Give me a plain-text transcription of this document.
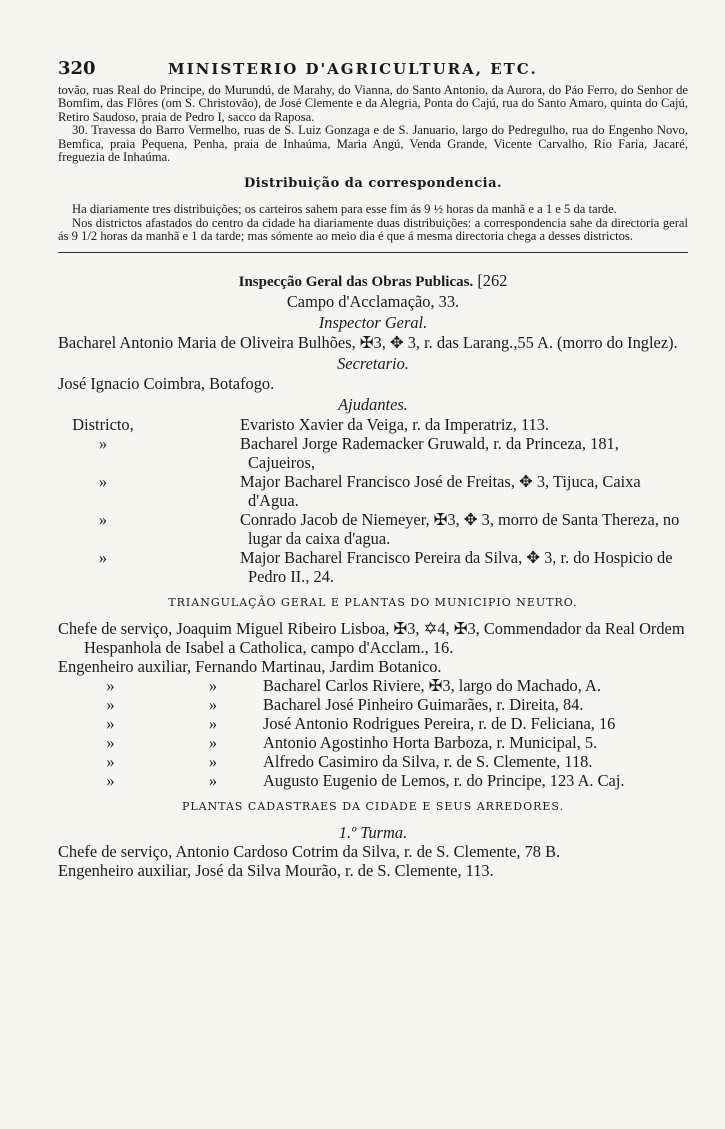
320	MINISTERIO D'AGRICULTURA, ETC.

tovão, ruas Real do Principe, do Murundú, de Marahy, do Vianna, do Santo Antonio, da Aurora, do Páo Ferro, do Senhor de Bomfim, das Flôres (om S. Christovão), de José Clemente e da Alegria, Ponta do Cajú, rua do Santo Amaro, quinta do Cajú, Retiro Saudoso, praia de Pedro I, sacco da Raposa.

30. Travessa do Barro Vermelho, ruas de S. Luiz Gonzaga e de S. Januario, largo do Pedregulho, rua do Engenho Novo, Bemfica, praia Pequena, Penha, praia de Inhaúma, Maria Angú, Venda Grande, Vicente Carvalho, Rio Faria, Jacaré, freguezia de Inhaúma.

Distribuição da correspondencia.

Ha diariamente tres distribuições; os carteiros sahem para esse fim ás 9 ½ horas da manhã e a 1 e 5 da tarde.

Nos districtos afastados do centro da cidade ha diariamente duas distribuições: a correspondencia sahe da directoria geral ás 9 1/2 horas da manhã e 1 da tarde; mas sómente ao meio dia é que á mesma directoria chega a desses districtos.

Inspecção Geral das Obras Publicas. [262
Campo d'Acclamação, 33.
Inspector Geral.
Bacharel Antonio Maria de Oliveira Bulhões, ✠3, ✥ 3, r. das Larang.,55 A. (morro do Inglez).
Secretario.
José Ignacio Coimbra, Botafogo.
Ajudantes.
Districto,	Evaristo Xavier da Veiga, r. da Imperatriz, 113.
»	Bacharel Jorge Rademacker Gruwald, r. da Princeza, 181, Cajueiros,
»	Major Bacharel Francisco José de Freitas, ✥ 3, Tijuca, Caixa d'Agua.
»	Conrado Jacob de Niemeyer, ✠3, ✥ 3, morro de Santa Thereza, no lugar da caixa d'agua.
»	Major Bacharel Francisco Pereira da Silva, ✥ 3, r. do Hospicio de Pedro II., 24.
TRIANGULAÇÃO GERAL E PLANTAS DO MUNICIPIO NEUTRO.
Chefe de serviço, Joaquim Miguel Ribeiro Lisboa, ✠3, ✡4, ✠3, Commendador da Real Ordem Hespanhola de Isabel a Catholica, campo d'Acclam., 16.
Engenheiro auxiliar, Fernando Martinau, Jardim Botanico.
»	»	Bacharel Carlos Riviere, ✠3, largo do Machado, A.
»	»	Bacharel José Pinheiro Guimarães, r. Direita, 84.
»	»	José Antonio Rodrigues Pereira, r. de D. Feliciana, 16
»	»	Antonio Agostinho Horta Barboza, r. Municipal, 5.
»	»	Alfredo Casimiro da Silva, r. de S. Clemente, 118.
»	»	Augusto Eugenio de Lemos, r. do Principe, 123 A. Caj.
PLANTAS CADASTRAES DA CIDADE E SEUS ARREDORES.
1.º Turma.
Chefe de serviço, Antonio Cardoso Cotrim da Silva, r. de S. Clemente, 78 B.
Engenheiro auxiliar, José da Silva Mourão, r. de S. Clemente, 113.
